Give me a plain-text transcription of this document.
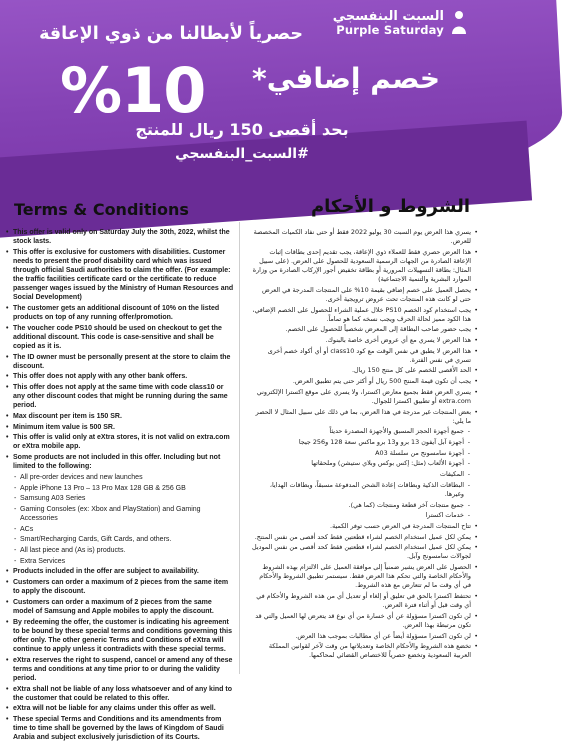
السبت البنفسجي
Purple Saturday
حصرياً لأبطالنا من ذوي الإعاقة
%10 خصم إضافي*
بحد أقصى 150 ريال للمنتج
#السبت_البنفسجي
Terms & Conditions	الشروط و الأحكام
• This offer is valid only on Saturday July the 30th, 2022, whilst the stock lasts.
• This offer is exclusive for customers with disabilities. Customer needs to present the proof disability card which was issued through official Saudi authorities to claim the offer. (For example: the traffic facilities certificate card or the certificate to reduce passenger wages issued by the Ministry of Human Resources and Social Development)
• The customer gets an additional discount of 10% on the listed products on top of any running offer/promotion.
• The voucher code PS10 should be used on checkout to get the additional discount. This code is case-sensitive and shall be copied as it is.
• The ID owner must be personally present at the store to claim the discount.
• This offer does not apply with any other bank offers.
• This offer does not apply at the same time with code class10 or any other discount codes that might be running during the same period.
• Max discount per item is 150 SR.
• Minimum item value is 500 SR.
• This offer is valid only at eXtra stores, it is not valid on extra.com or eXtra mobile app.
• Some products are not included in this offer. Including but not limited to the following:
- All pre-order devices and new launches
- Apple iPhone 13 Pro – 13 Pro Max 128 GB & 256 GB
- Samsung A03 Series
- Gaming Consoles (ex: Xbox and PlayStation) and Gaming Accessories
- ACs
- Smart/Recharging Cards, Gift Cards, and others.
- All last piece and (As is) products.
- Extra Services
• Products included in the offer are subject to availability.
• Customers can order a maximum of 2 pieces from the same item to apply the discount.
• Customers can order a maximum of 2 pieces from the same model of Samsung and Apple mobiles to apply the discount.
• By redeeming the offer, the customer is indicating his agreement to be bound by these special terms and conditions governing this offer only. The other generic Terms and Conditions of eXtra will continue to apply unless it contradicts with these special terms.
• eXtra reserves the right to suspend, cancel or amend any of these terms and conditions at any time prior to or during the validity period.
• eXtra shall not be liable of any loss whatsoever and of any kind to the customer that could be related to this offer.
• eXtra will not be liable for any claims under this offer as well.
• These special Terms and Conditions and its amendments from time to time shall be governed by the laws of Kingdom of Saudi Arabia and subject exclusively jurisdiction of its Courts.
• يسري هذا العرض يوم السبت 30 يوليو 2022 فقط أو حتى نفاد الكميات المخصصة للعرض.
• هذا العرض حصري فقط للعملاء ذوي الإعاقة، يجب تقديم إحدى بطاقات إثبات الإعاقة الصادرة من الجهات الرسمية السعودية للحصول على العرض. (على سبيل المثال: بطاقة التسهيلات المرورية أو بطاقة تخفيض أجور الإركاب الصادرة من وزارة الموارد البشرية والتنمية الاجتماعية)
• يحصل العميل على خصم إضافي بقيمة 10% على المنتجات المدرجة في العرض حتى لو كانت هذه المنتجات تحت عروض ترويجية أخرى.
• يجب استخدام كود الخصم PS10 خلال عملية الشراء للحصول على الخصم الإضافي، هذا الكود مميز لحالة الحرف ويجب نسخه كما هو تماماً.
• يجب حضور صاحب البطاقة إلى المعرض شخصياً للحصول على الخصم.
• هذا العرض لا يسري مع أي عروض أخرى خاصة بالبنوك.
• هذا العرض لا يطبق في نفس الوقت مع كود class10 أو أي أكواد خصم أخرى تسري في نفس الفترة.
• الحد الأقصى للخصم على كل منتج 150 ريال.
• يجب أن تكون قيمة المنتج 500 ريال أو أكثر حتى يتم تطبيق العرض.
• يسري العرض فقط بجميع معارض اكسترا، ولا يسري على موقع اكسترا الإلكتروني extra.com أو تطبيق اكسترا للجوال.
• بعض المنتجات غير مدرجة في هذا العرض، بما في ذلك على سبيل المثال لا الحصر ما يلي:
- جميع أجهزة الحجز المسبق والأجهزة المصدرة حديثاً
- أجهزة آبل آيفون 13 برو و13 برو ماكس سعة 128 و256 جيجا
- أجهزة سامسونج من سلسلة A03
- أجهزة الألعاب (مثل: إكس بوكس وبلاي ستيشن) وملحقاتها
- المكيفات
- البطاقات الذكية وبطاقات إعادة الشحن المدفوعة مسبقاً، وبطاقات الهدايا، وغيرها.
- جميع منتجات آخر قطعة ومنتجات (كما هي).
- خدمات اكسترا
• تتاح المنتجات المدرجة في العرض حسب توفر الكمية.
• يمكن لكل عميل استخدام الخصم لشراء قطعتين فقط كحد أقصى من نفس المنتج.
• يمكن لكل عميل استخدام الخصم لشراء قطعتين فقط كحد أقصى من نفس الموديل لجوالات سامسونج وآبل.
• الحصول على العرض يشير ضمنياً إلى موافقة العميل على الالتزام بهذه الشروط والأحكام الخاصة والتي تحكم هذا العرض فقط. سيستمر تطبيق الشروط والأحكام في أي وقت ما لم تتعارض مع هذه الشروط.
• تحتفظ اكسترا بالحق في تعليق أو إلغاء أو تعديل أي من هذه الشروط والأحكام في أي وقت قبل أو أثناء فترة العرض.
• لن تكون اكسترا مسؤولة عن أي خسارة من أي نوع قد يتعرض لها العميل والتي قد تكون مرتبطة بهذا العرض.
• لن تكون اكسترا مسؤولة أيضاً عن أي مطالبات بموجب هذا العرض.
• تخضع هذه الشروط والأحكام الخاصة وتعديلاتها من وقت لآخر لقوانين المملكة العربية السعودية وتخضع حصرياً للاختصاص القضائي لمحاكمها.
